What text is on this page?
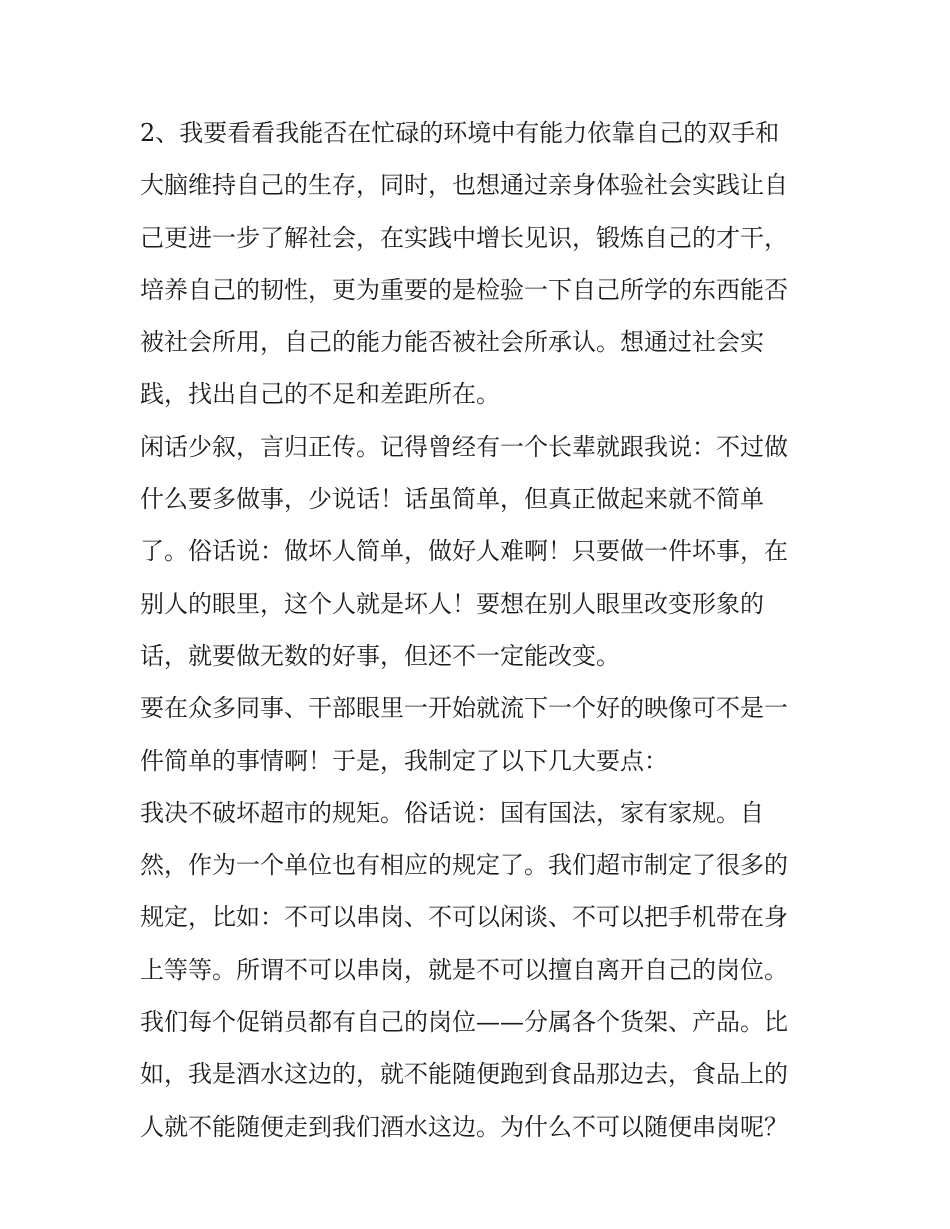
2、我要看看我能否在忙碌的环境中有能力依靠自己的双手和
大脑维持自己的生存，同时，也想通过亲身体验社会实践让自
己更进一步了解社会，在实践中增长见识，锻炼自己的才干，
培养自己的韧性，更为重要的是检验一下自己所学的东西能否
被社会所用，自己的能力能否被社会所承认。想通过社会实
践，找出自己的不足和差距所在。
闲话少叙，言归正传。记得曾经有一个长辈就跟我说：不过做
什么要多做事，少说话！话虽简单，但真正做起来就不简单
了。俗话说：做坏人简单，做好人难啊！只要做一件坏事，在
别人的眼里，这个人就是坏人！要想在别人眼里改变形象的
话，就要做无数的好事，但还不一定能改变。
要在众多同事、干部眼里一开始就流下一个好的映像可不是一
件简单的事情啊！于是，我制定了以下几大要点：
我决不破坏超市的规矩。俗话说：国有国法，家有家规。自
然，作为一个单位也有相应的规定了。我们超市制定了很多的
规定，比如：不可以串岗、不可以闲谈、不可以把手机带在身
上等等。所谓不可以串岗，就是不可以擅自离开自己的岗位。
我们每个促销员都有自己的岗位——分属各个货架、产品。比
如，我是酒水这边的，就不能随便跑到食品那边去，食品上的
人就不能随便走到我们酒水这边。为什么不可以随便串岗呢？
